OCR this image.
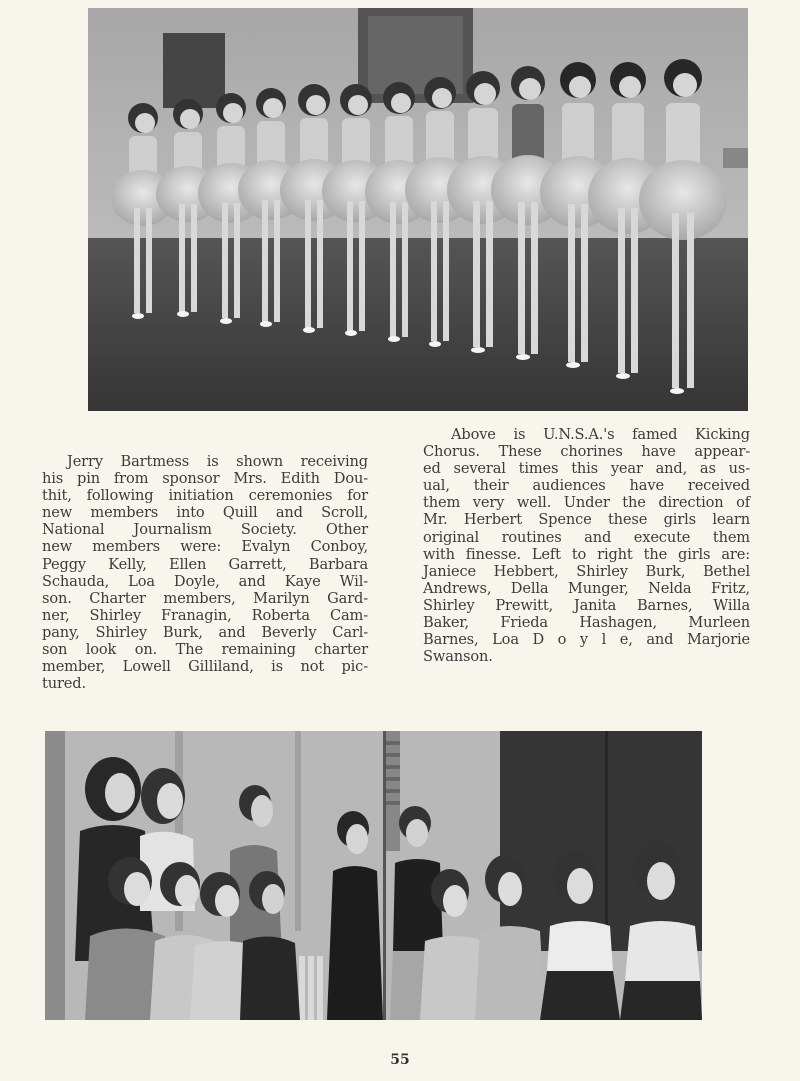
Jerry Bartmess is shown receiving
his pin from sponsor Mrs. Edith Dou-
thit, following initiation ceremonies for
new members into Quill and Scroll,
National Journalism Society. Other
new members were: Evalyn Conboy,
Peggy Kelly, Ellen Garrett, Barbara
Schauda, Loa Doyle, and Kaye Wil-
son. Charter members, Marilyn Gard-
ner, Shirley Franagin, Roberta Cam-
pany, Shirley Burk, and Beverly Carl-
son look on. The remaining charter
member, Lowell Gilliland, is not pic-
tured.
Above is U.N.S.A.'s famed Kicking
Chorus. These chorines have appear-
ed several times this year and, as us-
ual, their audiences have received
them very well. Under the direction of
Mr. Herbert Spence these girls learn
original routines and execute them
with finesse. Left to right the girls are:
Janiece Hebbert, Shirley Burk, Bethel
Andrews, Della Munger, Nelda Fritz,
Shirley Prewitt, Janita Barnes, Willa
Baker, Frieda Hashagen, Murleen
Barnes, Loa D o y l e, and Marjorie
Swanson.
55
